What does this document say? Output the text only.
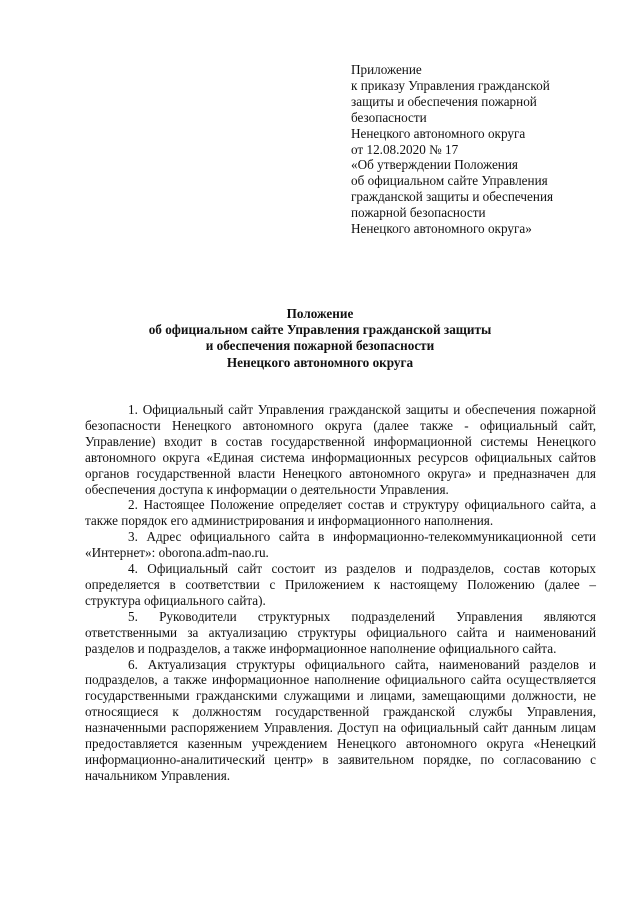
Приложение
к приказу Управления гражданской
защиты и обеспечения пожарной
безопасности
Ненецкого автономного округа
от 12.08.2020 № 17
«Об утверждении Положения
об официальном сайте Управления
гражданской защиты и обеспечения
пожарной безопасности
Ненецкого автономного округа»
Положение
об официальном сайте Управления гражданской защиты
и обеспечения пожарной безопасности
Ненецкого автономного округа

1. Официальный сайт Управления гражданской защиты и обеспечения пожарной безопасности Ненецкого автономного округа (далее также - официальный сайт, Управление) входит в состав государственной информационной системы Ненецкого автономного округа «Единая система информационных ресурсов официальных сайтов органов государственной власти Ненецкого автономного округа» и предназначен для обеспечения доступа к информации о деятельности Управления.

2. Настоящее Положение определяет состав и структуру официального сайта, а также порядок его администрирования и информационного наполнения.

3. Адрес официального сайта в информационно-телекоммуникационной сети «Интернет»: oborona.adm-nao.ru.

4. Официальный сайт состоит из разделов и подразделов, состав которых определяется в соответствии с Приложением к настоящему Положению (далее – структура официального сайта).

5. Руководители структурных подразделений Управления являются ответственными за актуализацию структуры официального сайта и наименований разделов и подразделов, а также информационное наполнение официального сайта.

6. Актуализация структуры официального сайта, наименований разделов и подразделов, а также информационное наполнение официального сайта осуществляется государственными гражданскими служащими и лицами, замещающими должности, не относящиеся к должностям государственной гражданской службы Управления, назначенными распоряжением Управления. Доступ на официальный сайт данным лицам предоставляется казенным учреждением Ненецкого автономного округа «Ненецкий информационно-аналитический центр» в заявительном порядке, по согласованию с начальником Управления.
